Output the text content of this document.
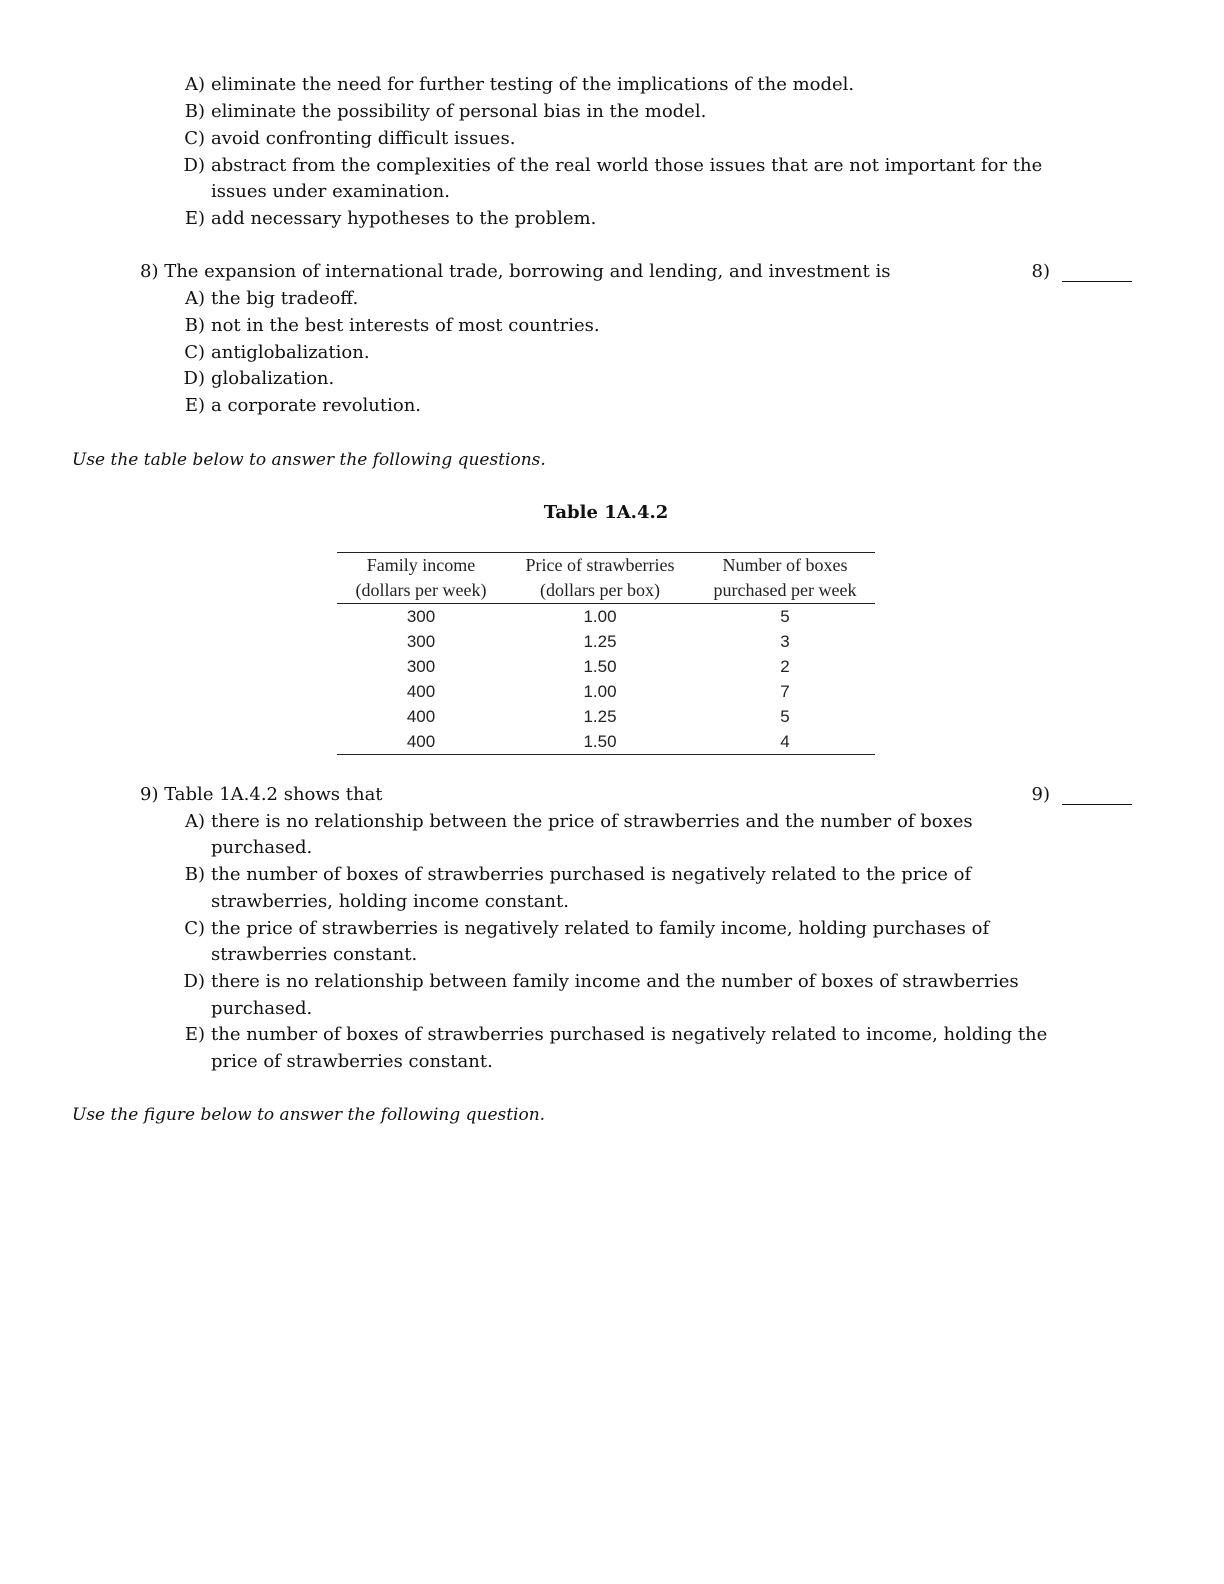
A) eliminate the need for further testing of the implications of the model.
B) eliminate the possibility of personal bias in the model.
C) avoid confronting difficult issues.
D) abstract from the complexities of the real world those issues that are not important for the
issues under examination.
E) add necessary hypotheses to the problem.
8) The expansion of international trade, borrowing and lending, and investment is	8)
A) the big tradeoff.
B) not in the best interests of most countries.
C) antiglobalization.
D) globalization.
E) a corporate revolution.
Use the table below to answer the following questions.
Table 1A.4.2
Family income	Price of strawberries	Number of boxes
(dollars per week)	(dollars per box)	purchased per week
300	1.00	5
300	1.25	3
300	1.50	2
400	1.00	7
400	1.25	5
400	1.50	4
9) Table 1A.4.2 shows that	9)
A) there is no relationship between the price of strawberries and the number of boxes
purchased.
B) the number of boxes of strawberries purchased is negatively related to the price of
strawberries, holding income constant.
C) the price of strawberries is negatively related to family income, holding purchases of
strawberries constant.
D) there is no relationship between family income and the number of boxes of strawberries
purchased.
E) the number of boxes of strawberries purchased is negatively related to income, holding the
price of strawberries constant.
Use the figure below to answer the following question.
